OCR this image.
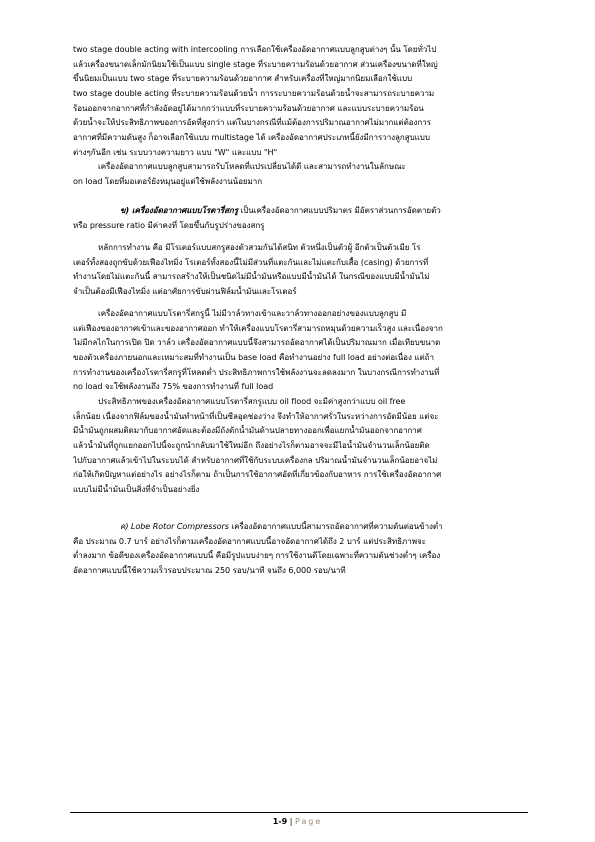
two stage double acting with intercooling การเลือกใช้เครื่องอัดอากาศแบบลูกสูบต่างๆ นั้น โดยทั่วไป
แล้วเครื่องขนาดเล็กมักนิยมใช้เป็นแบบ single stage ที่ระบายความร้อนด้วยอากาศ ส่วนเครื่องขนาดที่ใหญ่
ขึ้นนิยมเป็นแบบ two stage ที่ระบายความร้อนด้วยอากาศ สำหรับเครื่องที่ใหญ่มากนิยมเลือกใช้แบบ
two stage double acting ที่ระบายความร้อนด้วยน้ำ การระบายความร้อนด้วยน้ำจะสามารถระบายความ
ร้อนออกจากอากาศที่กำลังอัดอยู่ได้มากกว่าแบบที่ระบายความร้อนด้วยอากาศ และแบบระบายความร้อน
ด้วยน้ำจะให้ประสิทธิภาพของการอัดที่สูงกว่า แต่ในบางกรณีที่แม้ต้องการปริมาณอากาศไม่มากแต่ต้องการ
อากาศที่มีความดันสูง ก็อาจเลือกใช้แบบ multistage ได้ เครื่องอัดอากาศประเภทนี้ยังมีการวางลูกสูบแบบ
ต่างๆกันอีก เช่น ระบบวางความยาว แบบ "W" และแบบ "H"
เครื่องอัดอากาศแบบลูกสูบสามารถรับโหลดที่แปรเปลี่ยนได้ดี และสามารถทำงานในลักษณะ
on load โดยที่มอเตอร์ยังหมุนอยู่แต่ใช้พลังงานน้อยมาก
ข) เครื่องอัดอากาศแบบโรตารี่สกรู เป็นเครื่องอัดอากาศแบบปริมาตร มีอัตราส่วนการอัดตายตัว
หรือ pressure ratio มีค่าคงที่ โดยขึ้นกับรูปร่างของสกรู
หลักการทำงาน คือ มีโรเตอร์แบบสกรูสองตัวสวมกันได้สนิท ตัวหนึ่งเป็นตัวผู้ อีกตัวเป็นตัวเมีย โร
เตอร์ทั้งสองถูกขับด้วยเฟืองไทมิ่ง โรเตอร์ทั้งสองนี้ไม่มีส่วนที่แตะกันและไม่แตะกับเสื้อ (casing) ด้วยการที่
ทำงานโดยไม่แตะกันนี้ สามารถสร้างให้เป็นชนิดไม่มีน้ำมันหรือแบบมีน้ำมันได้ ในกรณีของแบบมีน้ำมันไม่
จำเป็นต้องมีเฟืองไทมิ่ง แต่อาศัยการขับผ่านฟิล์มน้ำมันและโรเตอร์
เครื่องอัดอากาศแบบโรตารี่สกรูนี้ ไม่มีวาล์วทางเข้าและวาล์วทางออกอย่างของแบบลูกสูบ มี
แต่เฟืองของอากาศเข้าและของอากาศออก ทำให้เครื่องแบบโรตารี่สามารถหมุนด้วยความเร็วสูง และเนื่องจาก
ไม่มีกลไกในการเปิด ปิด วาล์ว เครื่องอัดอากาศแบบนี้จึงสามารถอัดอากาศได้เป็นปริมาณมาก เมื่อเทียบขนาด
ของตัวเครื่องภายนอกและเหมาะสมที่ทำงานเป็น base load คือทำงานอย่าง full load อย่างต่อเนื่อง แต่ถ้า
การทำงานของเครื่องโรตารี่สกรูที่โหลดต่ำ ประสิทธิภาพการใช้พลังงานจะลดลงมาก ในบางกรณีการทำงานที่
no load จะใช้พลังงานถึง 75% ของการทำงานที่ full load
ประสิทธิภาพของเครื่องอัดอากาศแบบโรตารี่สกรูแบบ oil flood จะมีค่าสูงกว่าแบบ oil free
เล็กน้อย เนื่องจากฟิล์มของน้ำมันทำหน้าที่เป็นซีลอุดช่องว่าง จึงทำให้อากาศรั่วในระหว่างการอัดมีน้อย แต่จะ
มีน้ำมันถูกผสมติดมากับอากาศอัดและต้องมีถังดักน้ำมันด้านปลายทางออกเพื่อแยกน้ำมันออกจากอากาศ
แล้วน้ำมันที่ถูกแยกออกไปนี้จะถูกนำกลับมาใช้ใหม่อีก ถึงอย่างไรก็ตามอาจจะมีไอน้ำมันจำนวนเล็กน้อยติด
ไปกับอากาศแล้วเข้าไปในระบบได้ สำหรับอากาศที่ใช้กับระบบเครื่องกล ปริมาณน้ำมันจำนวนเล็กน้อยอาจไม่
ก่อให้เกิดปัญหาแต่อย่างไร อย่างไรก็ตาม ถ้าเป็นการใช้อากาศอัดที่เกี่ยวข้องกับอาหาร การใช้เครื่องอัดอากาศ
แบบไม่มีน้ำมันเป็นสิ่งที่จำเป็นอย่างยิ่ง
ค) Lobe Rotor Compressors เครื่องอัดอากาศแบบนี้สามารถอัดอากาศที่ความดันต่อนข้างต่ำ
คือ ประมาณ 0.7 บาร์ อย่างไรก็ตามเครื่องอัดอากาศแบบนี้อาจอัดอากาศได้ถึง 2 บาร์ แต่ประสิทธิภาพจะ
ต่ำลงมาก ข้อดีของเครื่องอัดอากาศแบบนี้ คือมีรูปแบบง่ายๆ การใช้งานดีโดยเฉพาะที่ความดันช่วงต่ำๆ เครื่อง
อัดอากาศแบบนี้ใช้ความเร็วรอบประมาณ 250 รอบ/นาที จนถึง 6,000 รอบ/นาที
1-9 | Page
